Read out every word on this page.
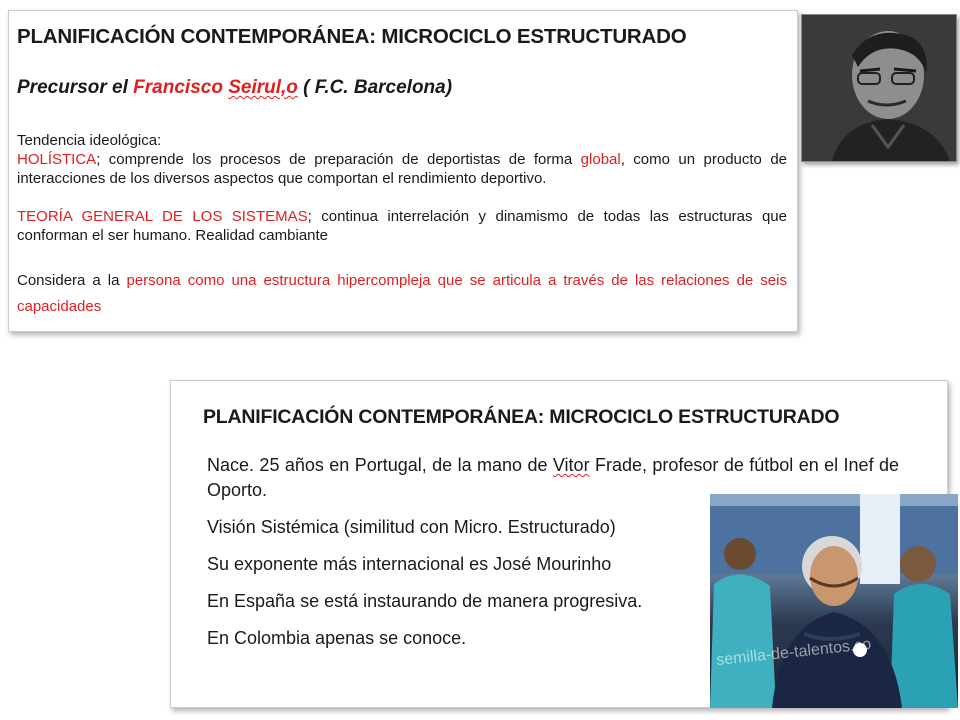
PLANIFICACIÓN CONTEMPORÁNEA: MICROCICLO ESTRUCTURADO
Precursor el Francisco Seirul,o ( F.C. Barcelona)

Tendencia ideológica:

HOLÍSTICA; comprende los procesos de preparación de deportistas de forma global, como un producto de interacciones de los diversos aspectos que comportan el rendimiento deportivo.

TEORÍA GENERAL DE LOS SISTEMAS; continua interrelación y dinamismo de todas las estructuras que conforman el ser humano. Realidad cambiante

Considera a la persona como una estructura hipercompleja que se articula a través de las relaciones de seis capacidades

PLANIFICACIÓN CONTEMPORÁNEA: MICROCICLO ESTRUCTURADO

Nace. 25 años en Portugal, de la mano de Vitor Frade, profesor de fútbol en el Inef de Oporto.

Visión Sistémica (similitud con Micro. Estructurado)

Su exponente más internacional es José Mourinho

En España se está instaurando de manera progresiva.

En Colombia apenas se conoce.	semilla-de-talentos.co
